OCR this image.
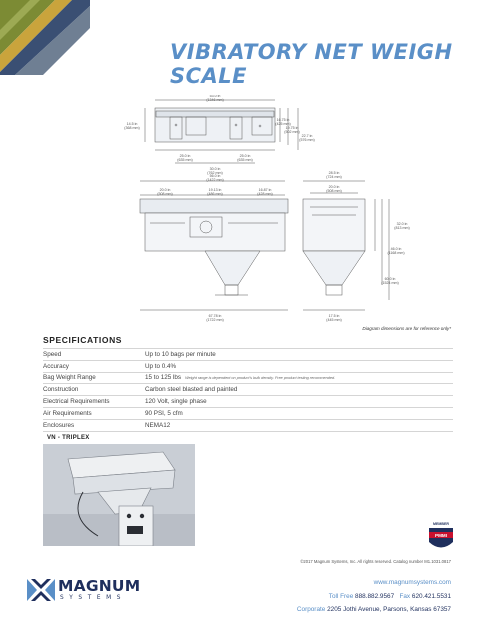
VIBRATORY NET WEIGH SCALE
53.0 in (1346 mm)
14.5 in (368 mm)
16.75 in (425 mm)
19.75 in (502 mm)
22.7 in (576 mm)
25.0 in (635 mm)
25.0 in (635 mm)
30.0 in (762 mm)
56.0 in (1422 mm)
20.0 in (508 mm)
19.13 in (486 mm)
16.87 in (428 mm)
67.78 in (1722 mm)
28.5 in (724 mm)
20.0 in (508 mm)
32.0 in (813 mm)
46.0 in (1168 mm)
60.0 in (1524 mm)
17.5 in (445 mm)
Diagram dimensions are for reference only*
SPECIFICATIONS
Speed	Up to 10 bags per minute
Accuracy	Up to 0.4%
Bag Weight Range	15 to 125 lbs Weight range is dependent on product’s bulk density. Free product testing recommended.
Construction	Carbon steel blasted and painted
Electrical Requirements	120 Volt, single phase
Air Requirements	90 PSI, 5 cfm
Enclosures	NEMA12
VN - TRIPLEX
MEMBER
PMMI
©2017 Magnum Systems, Inc. All rights reserved. Catalog number M1.1031.0817
MAGNUM
SYSTEMS
www.magnumsystems.com
Toll Free 888.882.9567 Fax 620.421.5531
Corporate 2205 Jothi Avenue, Parsons, Kansas 67357
